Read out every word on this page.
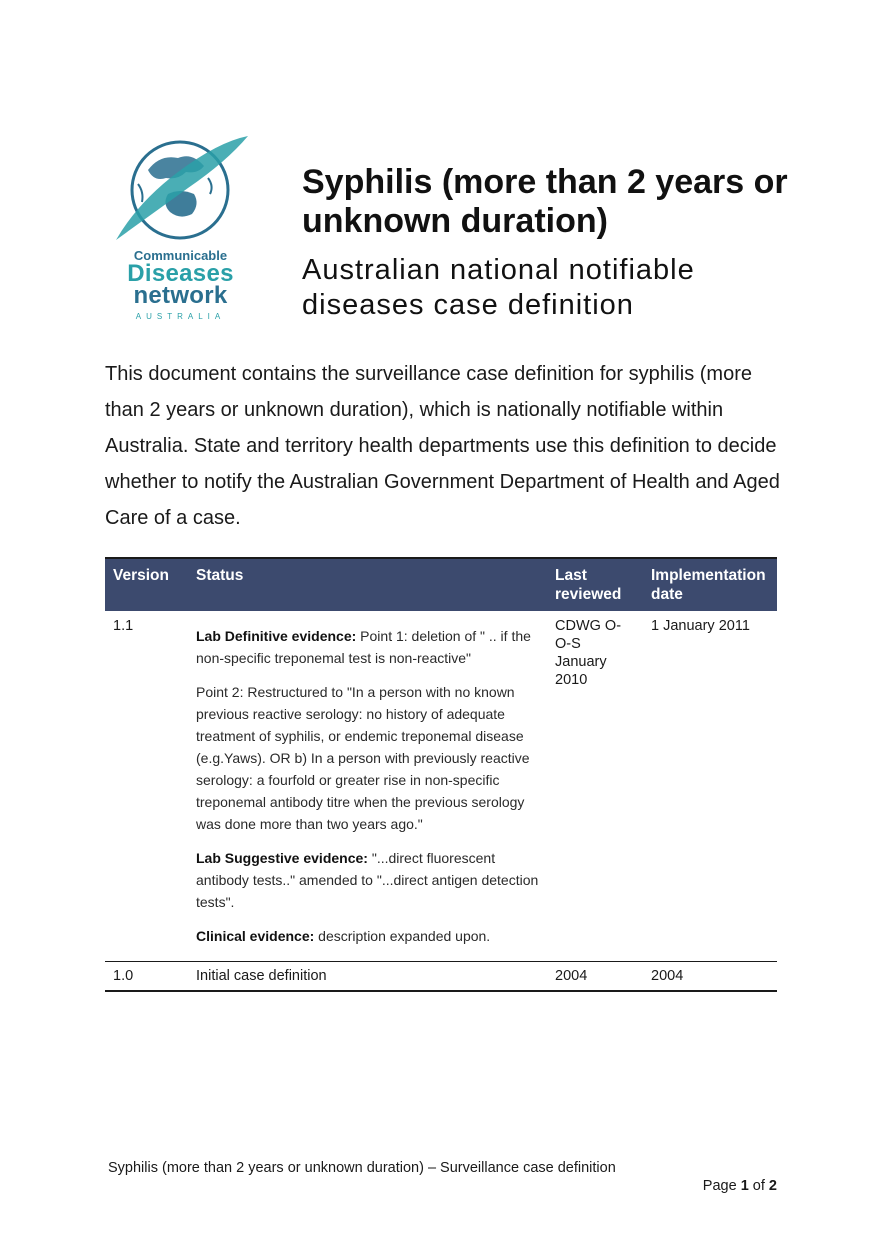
Communicable
Diseases
network
AUSTRALIA
Syphilis (more than 2 years or unknown duration)
Australian national notifiable diseases case definition
This document contains the surveillance case definition for syphilis (more than 2 years or unknown duration), which is nationally notifiable within Australia. State and territory health departments use this definition to decide whether to notify the Australian Government Department of Health and Aged Care of a case.
Version	Status	Last reviewed	Implementation date
1.1	Lab Definitive evidence: Point 1: deletion of " .. if the non-specific treponemal test is non-reactive"

Point 2: Restructured to "In a person with no known previous reactive serology: no history of adequate treatment of syphilis, or endemic treponemal disease (e.g.Yaws). OR b) In a person with previously reactive serology: a fourfold or greater rise in non-specific treponemal antibody titre when the previous serology was done more than two years ago."

Lab Suggestive evidence: "...direct fluorescent antibody tests.." amended to "...direct antigen detection tests".

Clinical evidence: description expanded upon.	CDWG O-O-S January 2010	1 January 2011
1.0	Initial case definition	2004	2004
Syphilis (more than 2 years or unknown duration) – Surveillance case definition
Page 1 of 2
